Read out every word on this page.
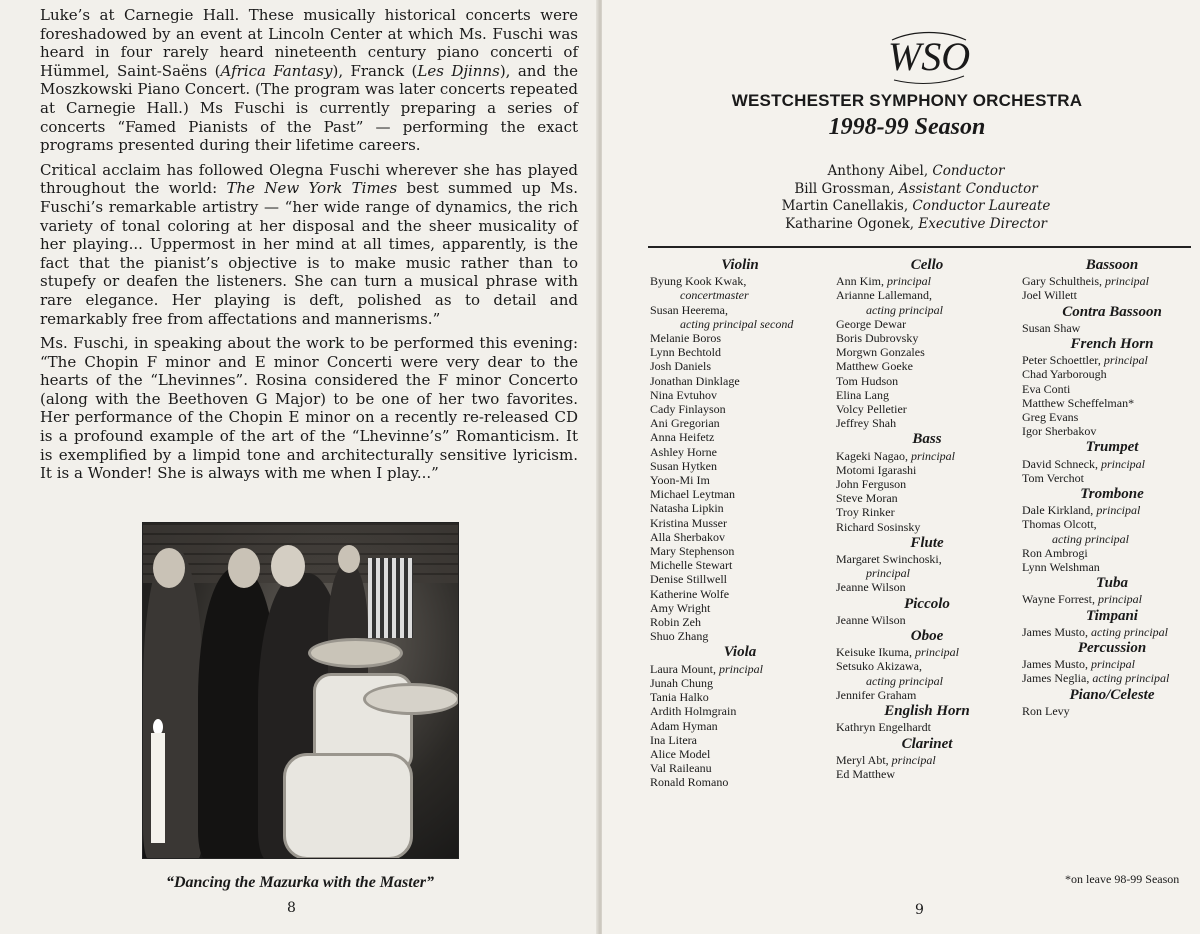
Luke’s at Carnegie Hall. These musically historical concerts were foreshadowed by an event at Lincoln Center at which Ms. Fuschi was heard in four rarely heard nineteenth century piano concerti of Hümmel, Saint-Saëns (Africa Fantasy), Franck (Les Djinns), and the Moszkowski Piano Concert. (The program was later concerts repeated at Carnegie Hall.) Ms Fuschi is currently preparing a series of concerts “Famed Pianists of the Past” — performing the exact programs presented during their lifetime careers.

Critical acclaim has followed Olegna Fuschi wherever she has played throughout the world: The New York Times best summed up Ms. Fuschi’s remarkable artistry — “her wide range of dynamics, the rich variety of tonal coloring at her disposal and the sheer musicality of her playing... Uppermost in her mind at all times, apparently, is the fact that the pianist’s objective is to make music rather than to stupefy or deafen the listeners. She can turn a musical phrase with rare elegance. Her playing is deft, polished as to detail and remarkably free from affectations and mannerisms.”

Ms. Fuschi, in speaking about the work to be performed this evening: “The Chopin F minor and E minor Concerti were very dear to the hearts of the “Lhevinnes”. Rosina considered the F minor Concerto (along with the Beethoven G Major) to be one of her two favorites. Her performance of the Chopin E minor on a recently re-released CD is a profound example of the art of the “Lhevinne’s” Romanticism. It is exemplified by a limpid tone and architecturally sensitive lyricism. It is a Wonder! She is always with me when I play...”

“Dancing the Mazurka with the Master”
8
WSO
WESTCHESTER SYMPHONY ORCHESTRA
1998-99 Season
Anthony Aibel, Conductor
Bill Grossman, Assistant Conductor
Martin Canellakis, Conductor Laureate
Katharine Ogonek, Executive Director
Violin
Byung Kook Kwak,
concertmaster
Susan Heerema,
acting principal second
Melanie Boros
Lynn Bechtold
Josh Daniels
Jonathan Dinklage
Nina Evtuhov
Cady Finlayson
Ani Gregorian
Anna Heifetz
Ashley Horne
Susan Hytken
Yoon-Mi Im
Michael Leytman
Natasha Lipkin
Kristina Musser
Alla Sherbakov
Mary Stephenson
Michelle Stewart
Denise Stillwell
Katherine Wolfe
Amy Wright
Robin Zeh
Shuo Zhang
Viola
Laura Mount, principal
Junah Chung
Tania Halko
Ardith Holmgrain
Adam Hyman
Ina Litera
Alice Model
Val Raileanu
Ronald Romano
Cello
Ann Kim, principal
Arianne Lallemand,
acting principal
George Dewar
Boris Dubrovsky
Morgwn Gonzales
Matthew Goeke
Tom Hudson
Elina Lang
Volcy Pelletier
Jeffrey Shah
Bass
Kageki Nagao, principal
Motomi Igarashi
John Ferguson
Steve Moran
Troy Rinker
Richard Sosinsky
Flute
Margaret Swinchoski,
principal
Jeanne Wilson
Piccolo
Jeanne Wilson
Oboe
Keisuke Ikuma, principal
Setsuko Akizawa,
acting principal
Jennifer Graham
English Horn
Kathryn Engelhardt
Clarinet
Meryl Abt, principal
Ed Matthew
Bassoon
Gary Schultheis, principal
Joel Willett
Contra Bassoon
Susan Shaw
French Horn
Peter Schoettler, principal
Chad Yarborough
Eva Conti
Matthew Scheffelman*
Greg Evans
Igor Sherbakov
Trumpet
David Schneck, principal
Tom Verchot
Trombone
Dale Kirkland, principal
Thomas Olcott,
acting principal
Ron Ambrogi
Lynn Welshman
Tuba
Wayne Forrest, principal
Timpani
James Musto, acting principal
Percussion
James Musto, principal
James Neglia, acting principal
Piano/Celeste
Ron Levy
*on leave 98-99 Season
9
